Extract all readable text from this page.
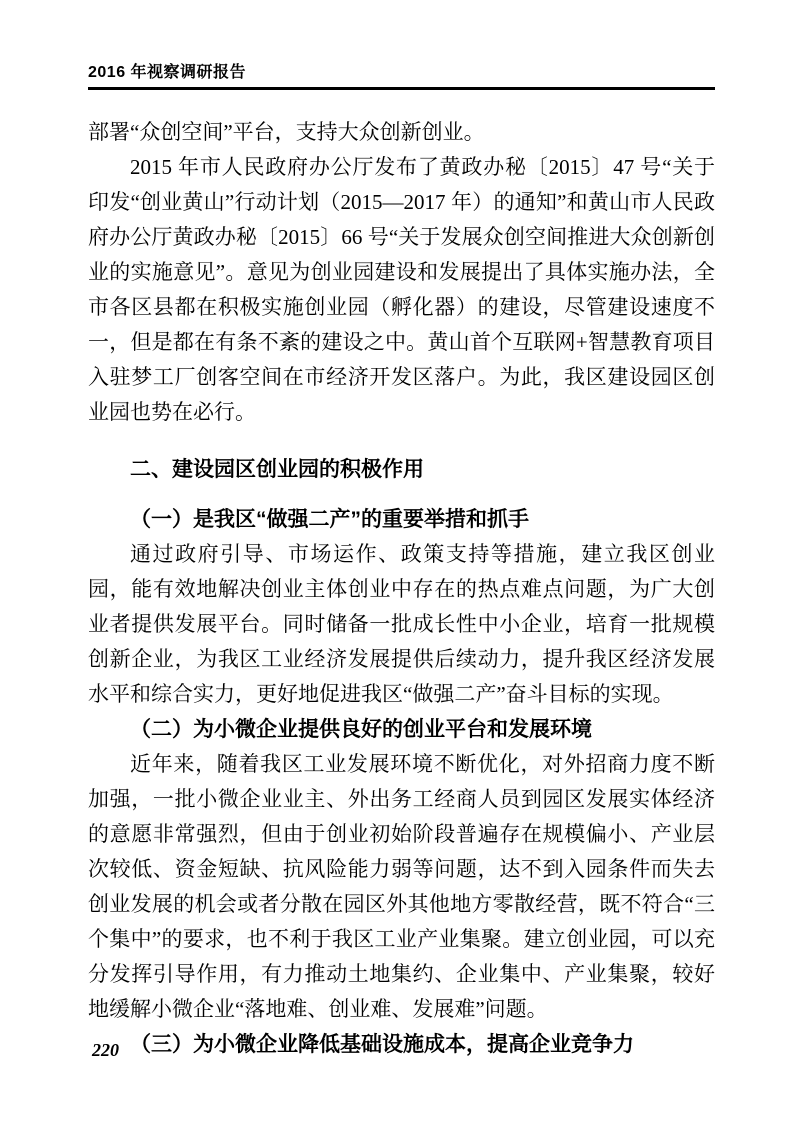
2016 年视察调研报告

部署“众创空间”平台，支持大众创新创业。

2015 年市人民政府办公厅发布了黄政办秘〔2015〕47 号“关于印发“创业黄山”行动计划（2015—2017 年）的通知”和黄山市人民政府办公厅黄政办秘〔2015〕66 号“关于发展众创空间推进大众创新创业的实施意见”。意见为创业园建设和发展提出了具体实施办法，全市各区县都在积极实施创业园（孵化器）的建设，尽管建设速度不一，但是都在有条不紊的建设之中。黄山首个互联网+智慧教育项目入驻梦工厂创客空间在市经济开发区落户。为此，我区建设园区创业园也势在必行。

二、建设园区创业园的积极作用
（一）是我区“做强二产”的重要举措和抓手

通过政府引导、市场运作、政策支持等措施，建立我区创业园，能有效地解决创业主体创业中存在的热点难点问题，为广大创业者提供发展平台。同时储备一批成长性中小企业，培育一批规模创新企业，为我区工业经济发展提供后续动力，提升我区经济发展水平和综合实力，更好地促进我区“做强二产”奋斗目标的实现。

（二）为小微企业提供良好的创业平台和发展环境

近年来，随着我区工业发展环境不断优化，对外招商力度不断加强，一批小微企业业主、外出务工经商人员到园区发展实体经济的意愿非常强烈，但由于创业初始阶段普遍存在规模偏小、产业层次较低、资金短缺、抗风险能力弱等问题，达不到入园条件而失去创业发展的机会或者分散在园区外其他地方零散经营，既不符合“三个集中”的要求，也不利于我区工业产业集聚。建立创业园，可以充分发挥引导作用，有力推动土地集约、企业集中、产业集聚，较好地缓解小微企业“落地难、创业难、发展难”问题。

（三）为小微企业降低基础设施成本，提高企业竞争力
220
